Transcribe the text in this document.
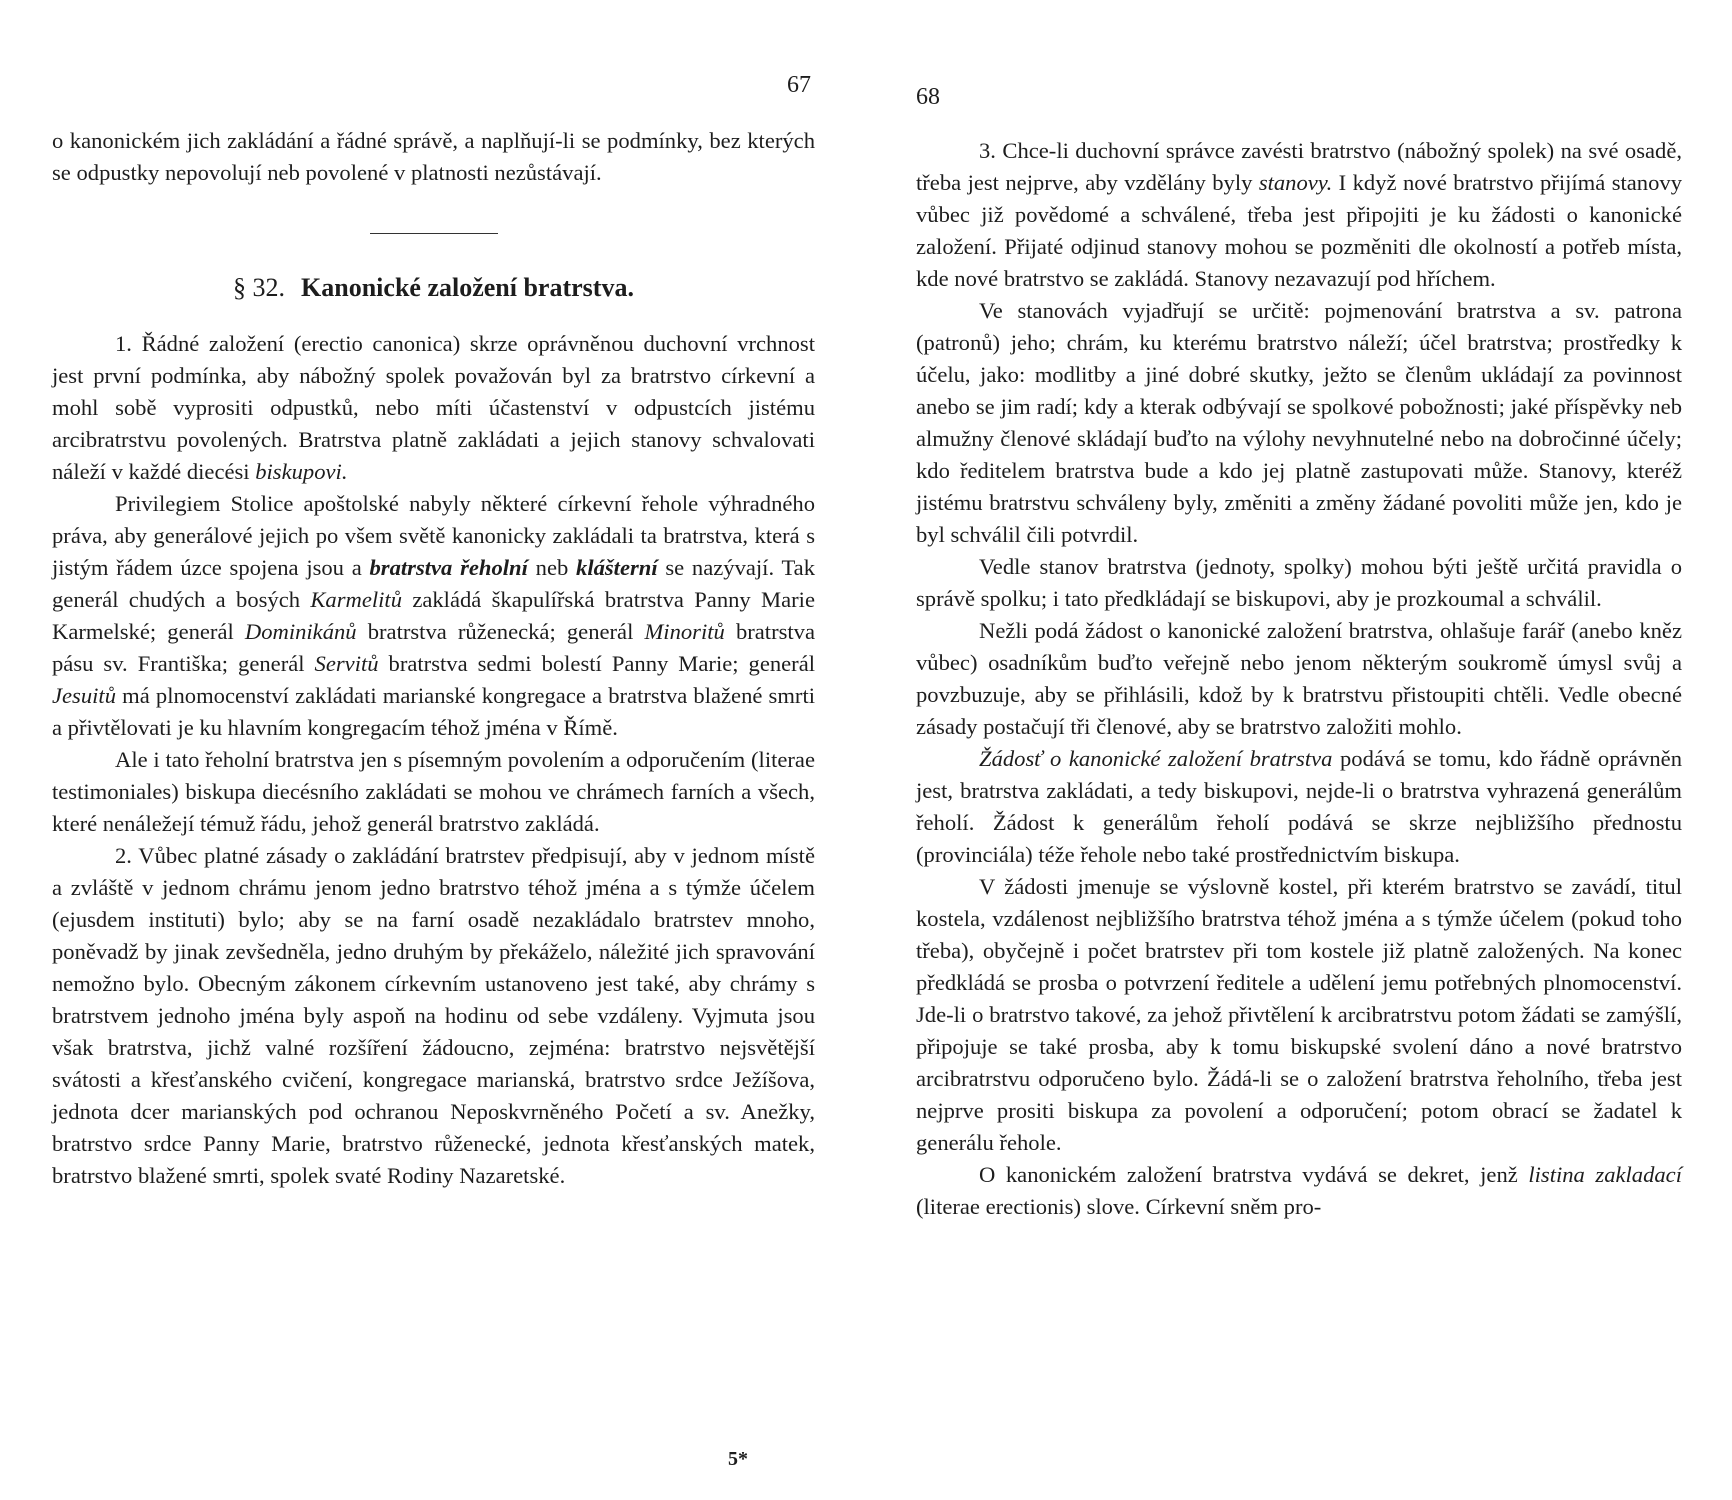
67

o kanonickém jich zakládání a řádné správě, a naplňují-li se podmínky, bez kterých se odpustky nepovolují neb povolené v platnosti nezůstávají.

§ 32. Kanonické založení bratrstva.

1. Řádné založení (erectio canonica) skrze oprávněnou duchovní vrchnost jest první podmínka, aby nábožný spolek považován byl za bratrstvo církevní a mohl sobě vyprositi odpustků, nebo míti účastenství v odpustcích jistému arcibratrstvu povolených. Bratrstva platně zakládati a jejich stanovy schvalovati náleží v každé diecési biskupovi.

Privilegiem Stolice apoštolské nabyly některé církevní řehole výhradného práva, aby generálové jejich po všem světě kanonicky zakládali ta bratrstva, která s jistým řádem úzce spojena jsou a bratrstva řeholní neb klášterní se nazývají. Tak generál chudých a bosých Karmelitů zakládá škapulířská bratrstva Panny Marie Karmelské; generál Dominikánů bratrstva růženecká; generál Minoritů bratrstva pásu sv. Františka; generál Servitů bratrstva sedmi bolestí Panny Marie; generál Jesuitů má plnomocenství zakládati marianské kongregace a bratrstva blažené smrti a přivtělovati je ku hlavním kongregacím téhož jména v Římě.

Ale i tato řeholní bratrstva jen s písemným povolením a odporučením (literae testimoniales) biskupa diecésního zakládati se mohou ve chrámech farních a všech, které nenáležejí témuž řádu, jehož generál bratrstvo zakládá.

2. Vůbec platné zásady o zakládání bratrstev předpisují, aby v jednom místě a zvláště v jednom chrámu jenom jedno bratrstvo téhož jména a s týmže účelem (ejusdem instituti) bylo; aby se na farní osadě nezakládalo bratrstev mnoho, poněvadž by jinak zevšedněla, jedno druhým by překáželo, náležité jich spravování nemožno bylo. Obecným zákonem církevním ustanoveno jest také, aby chrámy s bratrstvem jednoho jména byly aspoň na hodinu od sebe vzdáleny. Vyjmuta jsou však bratrstva, jichž valné rozšíření žádoucno, zejména: bratrstvo nejsvětější svátosti a křesťanského cvičení, kongregace marianská, bratrstvo srdce Ježíšova, jednota dcer marianských pod ochranou Neposkvrněného Početí a sv. Anežky, bratrstvo srdce Panny Marie, bratrstvo růženecké, jednota křesťanských matek, bratrstvo blažené smrti, spolek svaté Rodiny Nazaretské.

5*
68

3. Chce-li duchovní správce zavésti bratrstvo (nábožný spolek) na své osadě, třeba jest nejprve, aby vzdělány byly stanovy. I když nové bratrstvo přijímá stanovy vůbec již povědomé a schválené, třeba jest připojiti je ku žádosti o kanonické založení. Přijaté odjinud stanovy mohou se pozměniti dle okolností a potřeb místa, kde nové bratrstvo se zakládá. Stanovy nezavazují pod hříchem.

Ve stanovách vyjadřují se určitě: pojmenování bratrstva a sv. patrona (patronů) jeho; chrám, ku kterému bratrstvo náleží; účel bratrstva; prostředky k účelu, jako: modlitby a jiné dobré skutky, ježto se členům ukládají za povinnost anebo se jim radí; kdy a kterak odbývají se spolkové pobožnosti; jaké příspěvky neb almužny členové skládají buďto na výlohy nevyhnutelné nebo na dobročinné účely; kdo ředitelem bratrstva bude a kdo jej platně zastupovati může. Stanovy, kteréž jistému bratrstvu schváleny byly, změniti a změny žádané povoliti může jen, kdo je byl schválil čili potvrdil.

Vedle stanov bratrstva (jednoty, spolky) mohou býti ještě určitá pravidla o správě spolku; i tato předkládají se biskupovi, aby je prozkoumal a schválil.

Nežli podá žádost o kanonické založení bratrstva, ohlašuje farář (anebo kněz vůbec) osadníkům buďto veřejně nebo jenom některým soukromě úmysl svůj a povzbuzuje, aby se přihlásili, kdož by k bratrstvu přistoupiti chtěli. Vedle obecné zásady postačují tři členové, aby se bratrstvo založiti mohlo.

Žádosť o kanonické založení bratrstva podává se tomu, kdo řádně oprávněn jest, bratrstva zakládati, a tedy biskupovi, nejde-li o bratrstva vyhrazená generálům řeholí. Žádost k generálům řeholí podává se skrze nejbližšího přednostu (provinciála) téže řehole nebo také prostřednictvím biskupa.

V žádosti jmenuje se výslovně kostel, při kterém bratrstvo se zavádí, titul kostela, vzdálenost nejbližšího bratrstva téhož jména a s týmže účelem (pokud toho třeba), obyčejně i počet bratrstev při tom kostele již platně založených. Na konec předkládá se prosba o potvrzení ředitele a udělení jemu potřebných plnomocenství. Jde-li o bratrstvo takové, za jehož přivtělení k arcibratrstvu potom žádati se zamýšlí, připojuje se také prosba, aby k tomu biskupské svolení dáno a nové bratrstvo arcibratrstvu odporučeno bylo. Žádá-li se o založení bratrstva řeholního, třeba jest nejprve prositi biskupa za povolení a odporučení; potom obrací se žadatel k generálu řehole.

O kanonickém založení bratrstva vydává se dekret, jenž listina zakladací (literae erectionis) slove. Církevní sněm pro-
